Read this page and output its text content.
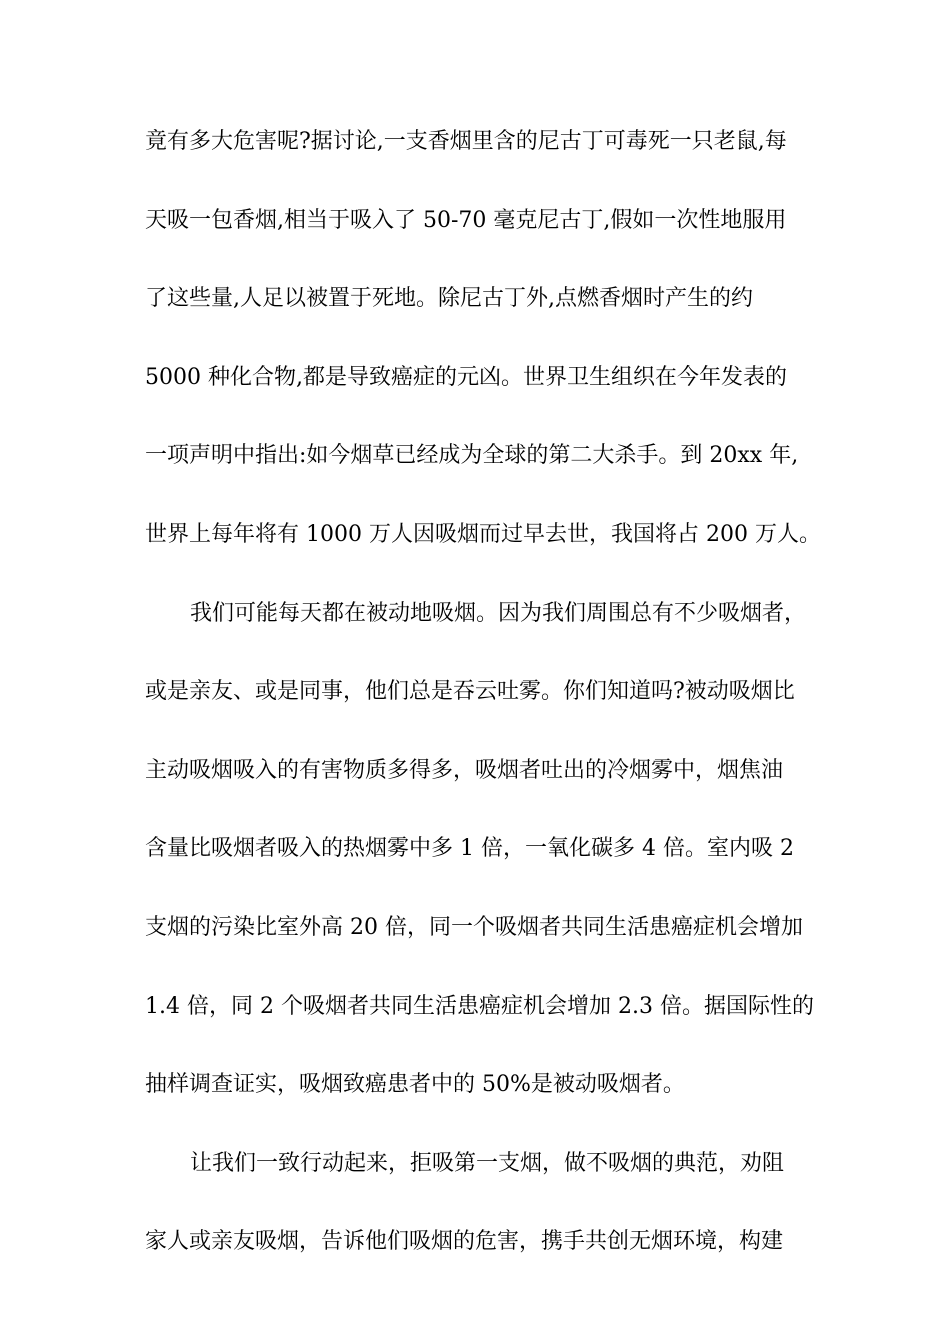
竟有多大危害呢?据讨论,一支香烟里含的尼古丁可毒死一只老鼠,每

天吸一包香烟,相当于吸入了 50-70 毫克尼古丁,假如一次性地服用

了这些量,人足以被置于死地。除尼古丁外,点燃香烟时产生的约

5000 种化合物,都是导致癌症的元凶。世界卫生组织在今年发表的

一项声明中指出:如今烟草已经成为全球的第二大杀手。到 20xx 年,

世界上每年将有 1000 万人因吸烟而过早去世，我国将占 200 万人。

我们可能每天都在被动地吸烟。因为我们周围总有不少吸烟者，

或是亲友、或是同事，他们总是吞云吐雾。你们知道吗?被动吸烟比

主动吸烟吸入的有害物质多得多，吸烟者吐出的冷烟雾中，烟焦油

含量比吸烟者吸入的热烟雾中多 1 倍，一氧化碳多 4 倍。室内吸 2

支烟的污染比室外高 20 倍，同一个吸烟者共同生活患癌症机会增加

1.4 倍，同 2 个吸烟者共同生活患癌症机会增加 2.3 倍。据国际性的

抽样调查证实，吸烟致癌患者中的 50%是被动吸烟者。

让我们一致行动起来，拒吸第一支烟，做不吸烟的典范，劝阻

家人或亲友吸烟，告诉他们吸烟的危害，携手共创无烟环境，构建
